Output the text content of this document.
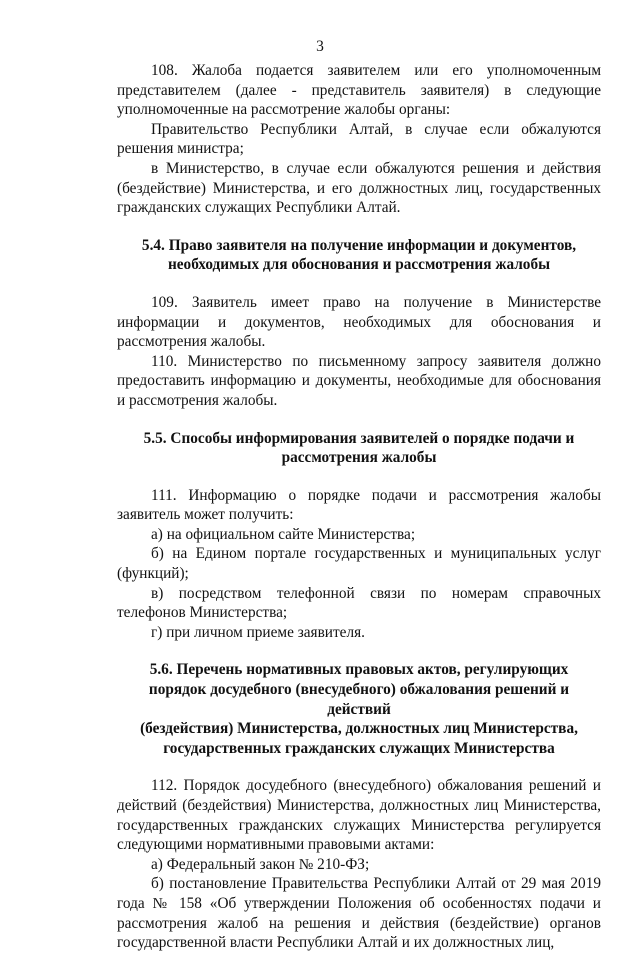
3

108. Жалоба подается заявителем или его уполномоченным представителем (далее - представитель заявителя) в следующие уполномоченные на рассмотрение жалобы органы:

Правительство Республики Алтай, в случае если обжалуются решения министра;

в Министерство, в случае если обжалуются решения и действия (бездействие) Министерства, и его должностных лиц, государственных гражданских служащих Республики Алтай.

5.4. Право заявителя на получение информации и документов,
необходимых для обоснования и рассмотрения жалобы

109. Заявитель имеет право на получение в Министерстве информации и документов, необходимых для обоснования и рассмотрения жалобы.

110. Министерство по письменному запросу заявителя должно предоставить информацию и документы, необходимые для обоснования и рассмотрения жалобы.

5.5. Способы информирования заявителей о порядке подачи и
рассмотрения жалобы

111. Информацию о порядке подачи и рассмотрения жалобы заявитель может получить:

а) на официальном сайте Министерства;

б) на Едином портале государственных и муниципальных услуг (функций);

в) посредством телефонной связи по номерам справочных телефонов Министерства;

г) при личном приеме заявителя.

5.6. Перечень нормативных правовых актов, регулирующих
порядок досудебного (внесудебного) обжалования решений и действий
(бездействия) Министерства, должностных лиц Министерства,
государственных гражданских служащих Министерства

112. Порядок досудебного (внесудебного) обжалования решений и действий (бездействия) Министерства, должностных лиц Министерства, государственных гражданских служащих Министерства регулируется следующими нормативными правовыми актами:

а) Федеральный закон № 210-ФЗ;

б) постановление Правительства Республики Алтай от 29 мая 2019 года № 158 «Об утверждении Положения об особенностях подачи и рассмотрения жалоб на решения и действия (бездействие) органов государственной власти Республики Алтай и их должностных лиц,
